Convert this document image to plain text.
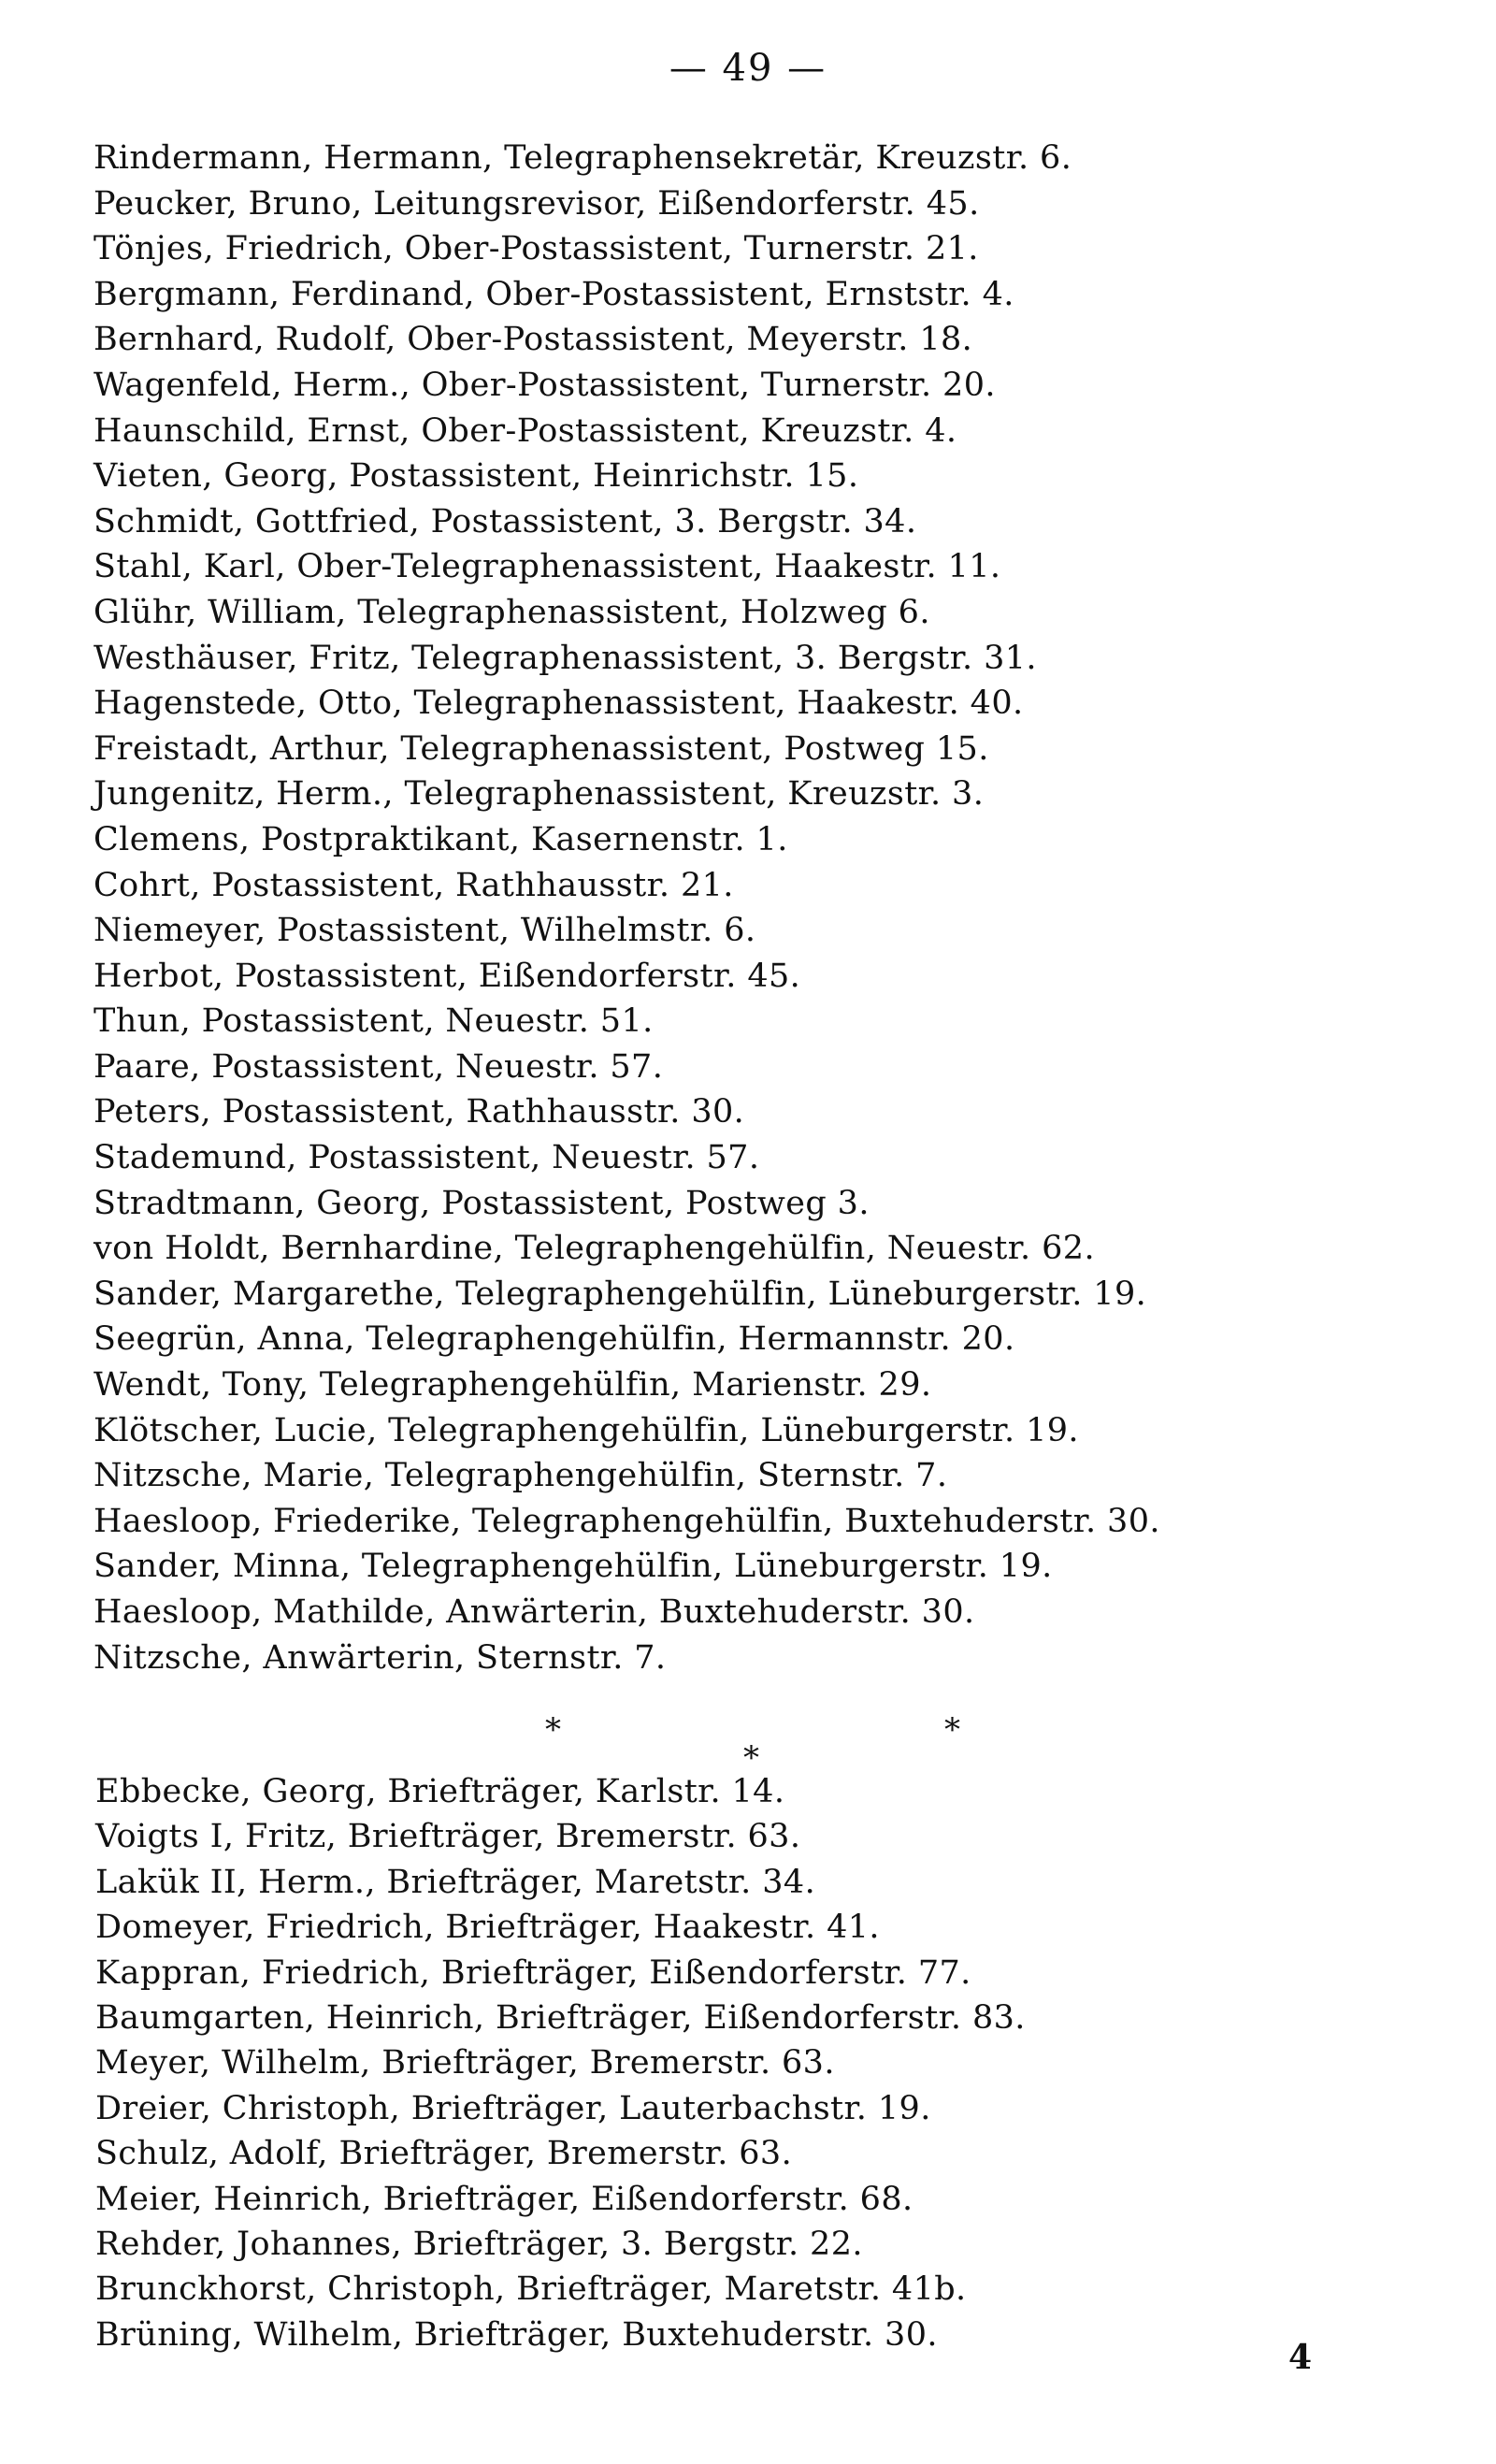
— 49 —
Rindermann, Hermann, Telegraphensekretär, Kreuzstr. 6.
Peucker, Bruno, Leitungsrevisor, Eißendorferstr. 45.
Tönjes, Friedrich, Ober-Postassistent, Turnerstr. 21.
Bergmann, Ferdinand, Ober-Postassistent, Ernststr. 4.
Bernhard, Rudolf, Ober-Postassistent, Meyerstr. 18.
Wagenfeld, Herm., Ober-Postassistent, Turnerstr. 20.
Haunschild, Ernst, Ober-Postassistent, Kreuzstr. 4.
Vieten, Georg, Postassistent, Heinrichstr. 15.
Schmidt, Gottfried, Postassistent, 3. Bergstr. 34.
Stahl, Karl, Ober-Telegraphenassistent, Haakestr. 11.
Glühr, William, Telegraphenassistent, Holzweg 6.
Westhäuser, Fritz, Telegraphenassistent, 3. Bergstr. 31.
Hagenstede, Otto, Telegraphenassistent, Haakestr. 40.
Freistadt, Arthur, Telegraphenassistent, Postweg 15.
Jungenitz, Herm., Telegraphenassistent, Kreuzstr. 3.
Clemens, Postpraktikant, Kasernenstr. 1.
Cohrt, Postassistent, Rathhausstr. 21.
Niemeyer, Postassistent, Wilhelmstr. 6.
Herbot, Postassistent, Eißendorferstr. 45.
Thun, Postassistent, Neuestr. 51.
Paare, Postassistent, Neuestr. 57.
Peters, Postassistent, Rathhausstr. 30.
Stademund, Postassistent, Neuestr. 57.
Stradtmann, Georg, Postassistent, Postweg 3.
von Holdt, Bernhardine, Telegraphengehülfin, Neuestr. 62.
Sander, Margarethe, Telegraphengehülfin, Lüneburgerstr. 19.
Seegrün, Anna, Telegraphengehülfin, Hermannstr. 20.
Wendt, Tony, Telegraphengehülfin, Marienstr. 29.
Klötscher, Lucie, Telegraphengehülfin, Lüneburgerstr. 19.
Nitzsche, Marie, Telegraphengehülfin, Sternstr. 7.
Haesloop, Friederike, Telegraphengehülfin, Buxtehuderstr. 30.
Sander, Minna, Telegraphengehülfin, Lüneburgerstr. 19.
Haesloop, Mathilde, Anwärterin, Buxtehuderstr. 30.
Nitzsche, Anwärterin, Sternstr. 7.
*
*
*
Ebbecke, Georg, Briefträger, Karlstr. 14.
Voigts I, Fritz, Briefträger, Bremerstr. 63.
Lakük II, Herm., Briefträger, Maretstr. 34.
Domeyer, Friedrich, Briefträger, Haakestr. 41.
Kappran, Friedrich, Briefträger, Eißendorferstr. 77.
Baumgarten, Heinrich, Briefträger, Eißendorferstr. 83.
Meyer, Wilhelm, Briefträger, Bremerstr. 63.
Dreier, Christoph, Briefträger, Lauterbachstr. 19.
Schulz, Adolf, Briefträger, Bremerstr. 63.
Meier, Heinrich, Briefträger, Eißendorferstr. 68.
Rehder, Johannes, Briefträger, 3. Bergstr. 22.
Brunckhorst, Christoph, Briefträger, Maretstr. 41b.
Brüning, Wilhelm, Briefträger, Buxtehuderstr. 30.
4
